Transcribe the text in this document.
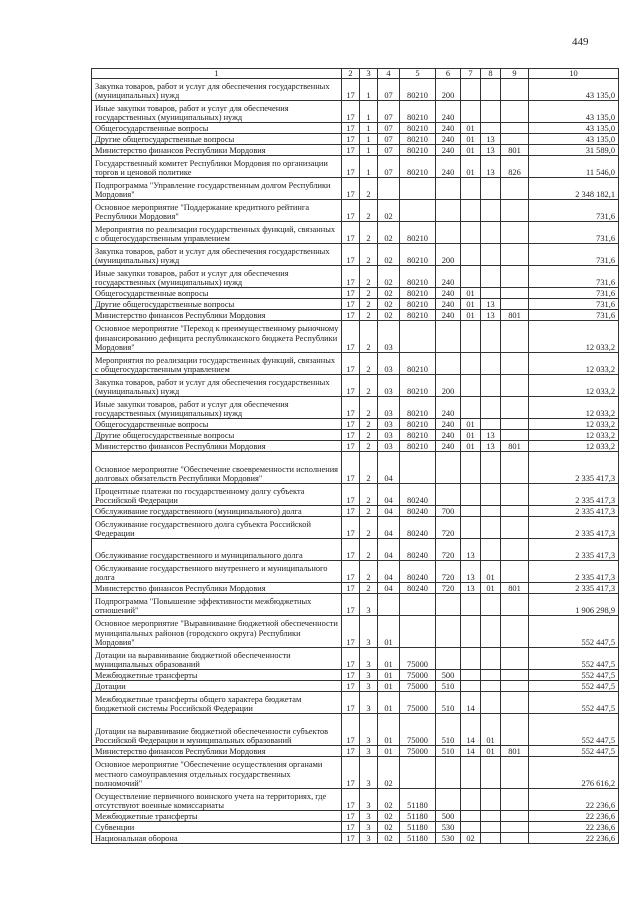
449
1	2	3	4	5	6	7	8	9	10
Закупка товаров, работ и услуг для обеспечения государственных (муниципальных) нужд	17	1	07	80210	200				43 135,0
Иные закупки товаров, работ и услуг для обеспечения государственных (муниципальных) нужд	17	1	07	80210	240				43 135,0
Общегосударственные вопросы	17	1	07	80210	240	01			43 135,0
Другие общегосударственные вопросы	17	1	07	80210	240	01	13		43 135,0
Министерство финансов Республики Мордовия	17	1	07	80210	240	01	13	801	31 589,0
Государственный комитет Республики Мордовия по организации торгов и ценовой политике	17	1	07	80210	240	01	13	826	11 546,0
Подпрограмма "Управление государственным долгом Республики Мордовия"	17	2							2 348 182,1
Основное мероприятие "Поддержание кредитного рейтинга Республики Мордовия"	17	2	02						731,6
Мероприятия по реализации государственных функций, связанных с общегосударственным управлением	17	2	02	80210					731,6
Закупка товаров, работ и услуг для обеспечения государственных (муниципальных) нужд	17	2	02	80210	200				731,6
Иные закупки товаров, работ и услуг для обеспечения государственных (муниципальных) нужд	17	2	02	80210	240				731,6
Общегосударственные вопросы	17	2	02	80210	240	01			731,6
Другие общегосударственные вопросы	17	2	02	80210	240	01	13		731,6
Министерство финансов Республики Мордовия	17	2	02	80210	240	01	13	801	731,6
Основное мероприятие "Переход к преимущественному рыночному финансированию дефицита республиканского бюджета Республики Мордовия"	17	2	03						12 033,2
Мероприятия по реализации государственных функций, связанных с общегосударственным управлением	17	2	03	80210					12 033,2
Закупка товаров, работ и услуг для обеспечения государственных (муниципальных) нужд	17	2	03	80210	200				12 033,2
Иные закупки товаров, работ и услуг для обеспечения государственных (муниципальных) нужд	17	2	03	80210	240				12 033,2
Общегосударственные вопросы	17	2	03	80210	240	01			12 033,2
Другие общегосударственные вопросы	17	2	03	80210	240	01	13		12 033,2
Министерство финансов Республики Мордовия	17	2	03	80210	240	01	13	801	12 033,2
Основное мероприятие "Обеспечение своевременности исполнения долговых обязательств Республики Мордовия"	17	2	04						2 335 417,3
Процентные платежи по государственному долгу субъекта Российской Федерации	17	2	04	80240					2 335 417,3
Обслуживание государственного (муниципального) долга	17	2	04	80240	700				2 335 417,3
Обслуживание государственного долга субъекта Российской Федерации	17	2	04	80240	720				2 335 417,3
Обслуживание государственного и муниципального долга	17	2	04	80240	720	13			2 335 417,3
Обслуживание государственного внутреннего и муниципального долга	17	2	04	80240	720	13	01		2 335 417,3
Министерство финансов Республики Мордовия	17	2	04	80240	720	13	01	801	2 335 417,3
Подпрограмма "Повышение эффективности межбюджетных отношений"	17	3							1 906 298,9
Основное мероприятие "Выравнивание бюджетной обеспеченности муниципальных районов (городского округа) Республики Мордовия"	17	3	01						552 447,5
Дотации на выравнивание бюджетной обеспеченности муниципальных образований	17	3	01	75000					552 447,5
Межбюджетные трансферты	17	3	01	75000	500				552 447,5
Дотации	17	3	01	75000	510				552 447,5
Межбюджетные трансферты общего характера бюджетам бюджетной системы Российской Федерации	17	3	01	75000	510	14			552 447,5
Дотации на выравнивание бюджетной обеспеченности субъектов Российской Федерации и муниципальных образований	17	3	01	75000	510	14	01		552 447,5
Министерство финансов Республики Мордовия	17	3	01	75000	510	14	01	801	552 447,5
Основное мероприятие "Обеспечение осуществления органами местного самоуправления отдельных государственных полномочий"	17	3	02						276 616,2
Осуществление первичного воинского учета на территориях, где отсутствуют военные комиссариаты	17	3	02	51180					22 236,6
Межбюджетные трансферты	17	3	02	51180	500				22 236,6
Субвенции	17	3	02	51180	530				22 236,6
Национальная оборона	17	3	02	51180	530	02			22 236,6
